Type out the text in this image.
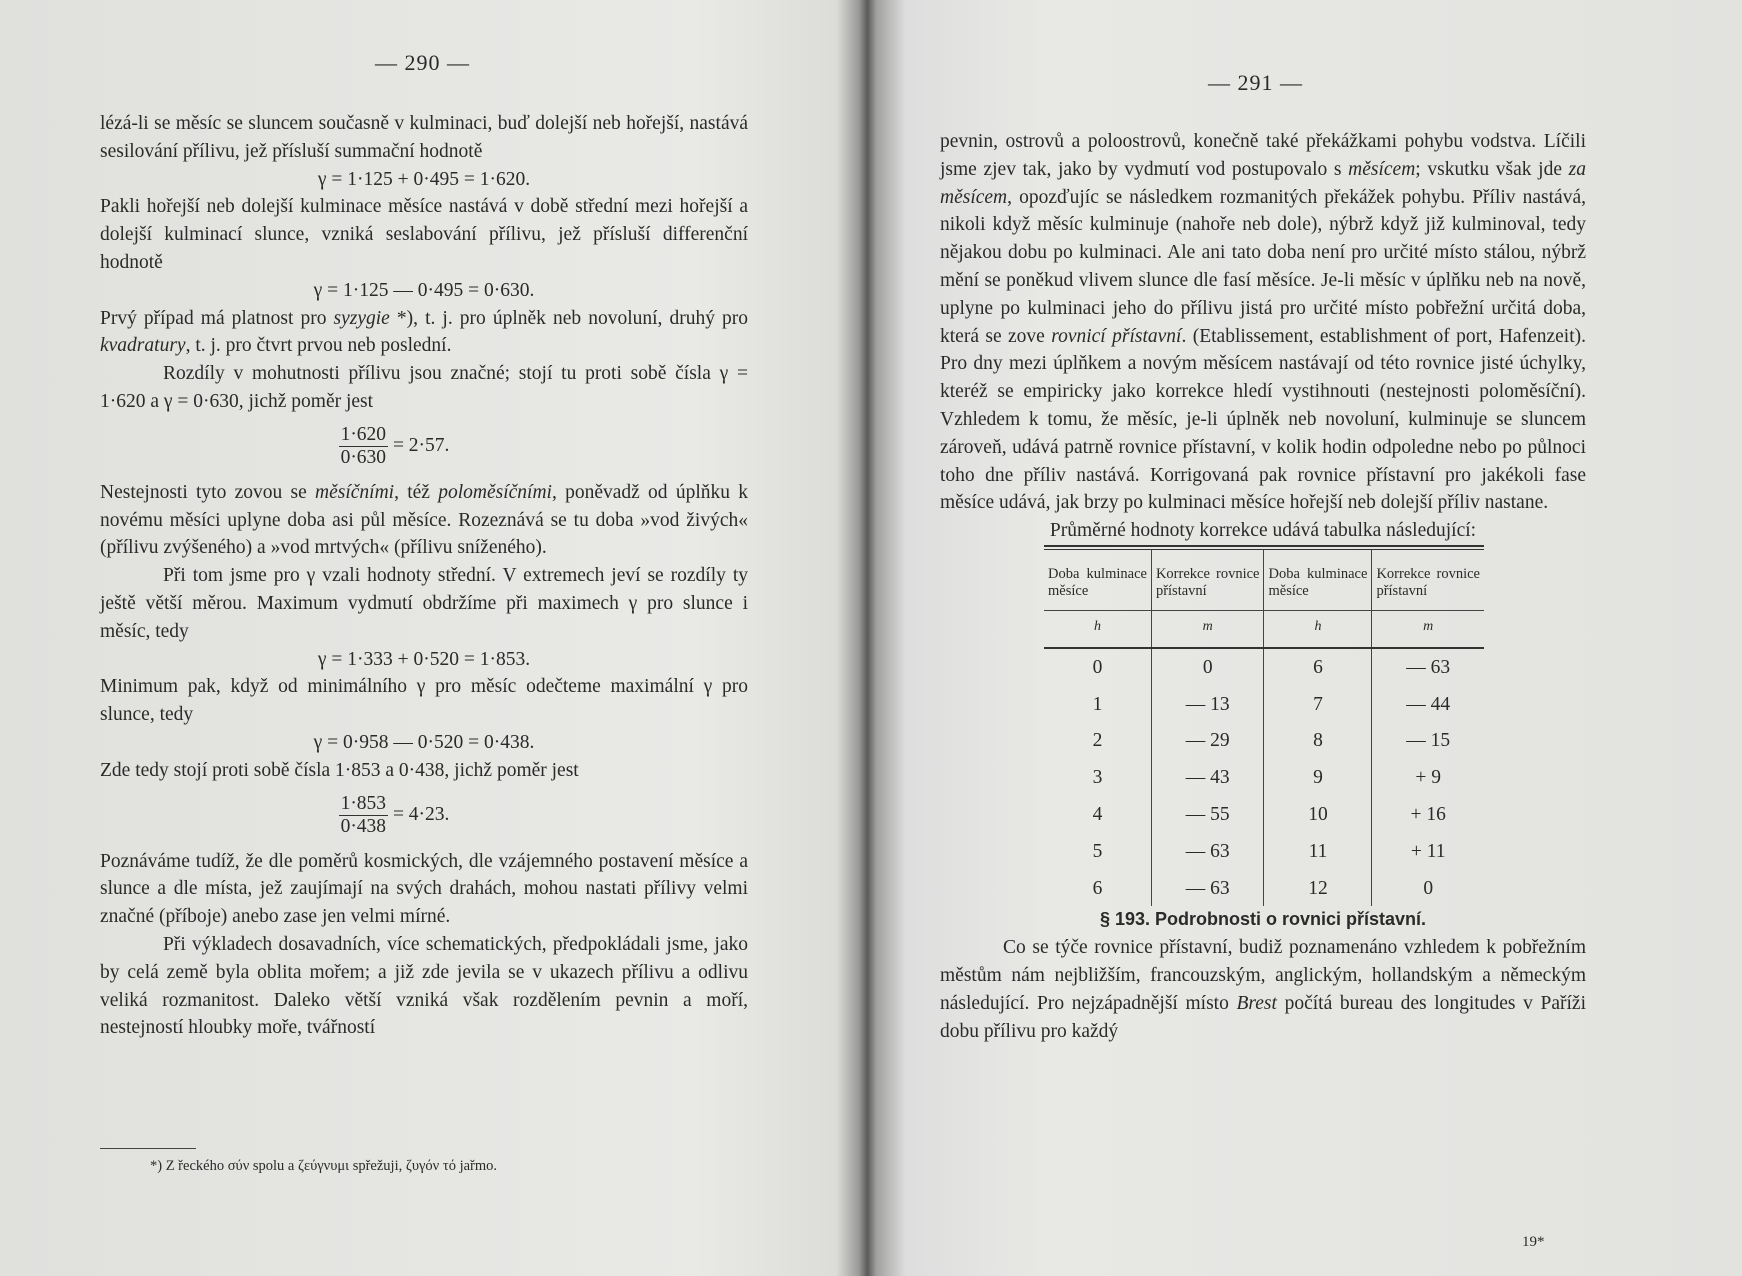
— 290 —

lézá-li se měsíc se sluncem současně v kulminaci, buď dolejší neb hořejší, nastává sesilování přílivu, jež přísluší summační hodnotě

γ = 1·125 + 0·495 = 1·620.

Pakli hořejší neb dolejší kulminace měsíce nastává v době střední mezi hořejší a dolejší kulminací slunce, vzniká seslabování přílivu, jež přísluší differenční hodnotě

γ = 1·125 — 0·495 = 0·630.

Prvý případ má platnost pro syzygie *), t. j. pro úplněk neb novoluní, druhý pro kvadratury, t. j. pro čtvrt prvou neb poslední.

Rozdíly v mohutnosti přílivu jsou značné; stojí tu proti sobě čísla γ = 1·620 a γ = 0·630, jichž poměr jest

$\frac{1\cdot 620}{0\cdot 630} = 2\cdot 57$.

Nestejnosti tyto zovou se měsíčními, též poloměsíčními, poněvadž od úplňku k novému měsíci uplyne doba asi půl měsíce. Rozeznává se tu doba »vod živých« (přílivu zvýšeného) a »vod mrtvých« (přílivu sníženého).

Při tom jsme pro γ vzali hodnoty střední. V extremech jeví se rozdíly ty ještě větší měrou. Maximum vydmutí obdržíme při maximech γ pro slunce i měsíc, tedy

γ = 1·333 + 0·520 = 1·853.

Minimum pak, když od minimálního γ pro měsíc odečteme maximální γ pro slunce, tedy

γ = 0·958 — 0·520 = 0·438.

Zde tedy stojí proti sobě čísla 1·853 a 0·438, jichž poměr jest

$\frac{1\cdot 853}{0\cdot 438} = 4\cdot 23$.

Poznáváme tudíž, že dle poměrů kosmických, dle vzájemného postavení měsíce a slunce a dle místa, jež zaujímají na svých drahách, mohou nastati přílivy velmi značné (příboje) anebo zase jen velmi mírné.

Při výkladech dosavadních, více schematických, předpokládali jsme, jako by celá země byla oblita mořem; a již zde jevila se v ukazech přílivu a odlivu veliká rozmanitost. Daleko větší vzniká však rozdělením pevnin a moří, nestejností hloubky moře, tvářností

*) Z řeckého σύν spolu a ζεύγνυμι spřežuji, ζυγόν τό jařmo.
— 291 —

pevnin, ostrovů a poloostrovů, konečně také překážkami pohybu vodstva. Líčili jsme zjev tak, jako by vydmutí vod postupovalo s měsícem; vskutku však jde za měsícem, opozďujíc se následkem rozmanitých překážek pohybu. Příliv nastává, nikoli když měsíc kulminuje (nahoře neb dole), nýbrž když již kulminoval, tedy nějakou dobu po kulminaci. Ale ani tato doba není pro určité místo stálou, nýbrž mění se poněkud vlivem slunce dle fasí měsíce. Je-li měsíc v úplňku neb na nově, uplyne po kulminaci jeho do přílivu jistá pro určité místo pobřežní určitá doba, která se zove rovnicí přístavní. (Etablissement, establishment of port, Hafenzeit). Pro dny mezi úplňkem a novým měsícem nastávají od této rovnice jisté úchylky, kteréž se empiricky jako korrekce hledí vystihnouti (nestejnosti poloměsíční). Vzhledem k tomu, že měsíc, je-li úplněk neb novoluní, kulminuje se sluncem zároveň, udává patrně rovnice přístavní, v kolik hodin odpoledne nebo po půlnoci toho dne příliv nastává. Korrigovaná pak rovnice přístavní pro jakékoli fase měsíce udává, jak brzy po kulminaci měsíce hořejší neb dolejší příliv nastane.

Průměrné hodnoty korrekce udává tabulka následující:

Doba kulminace měsíce	Korrekce rovnice přístavní	Doba kulminace měsíce	Korrekce rovnice přístavní
h	m	h	m
0	0	6	— 63
1	— 13	7	— 44
2	— 29	8	— 15
3	— 43	9	+ 9
4	— 55	10	+ 16
5	— 63	11	+ 11
6	— 63	12	0

§ 193. Podrobnosti o rovnici přístavní.

Co se týče rovnice přístavní, budiž poznamenáno vzhledem k pobřežním městům nám nejbližším, francouzským, anglickým, hollandským a německým následující. Pro nejzápadnější místo Brest počítá bureau des longitudes v Paříži dobu přílivu pro každý

19*
